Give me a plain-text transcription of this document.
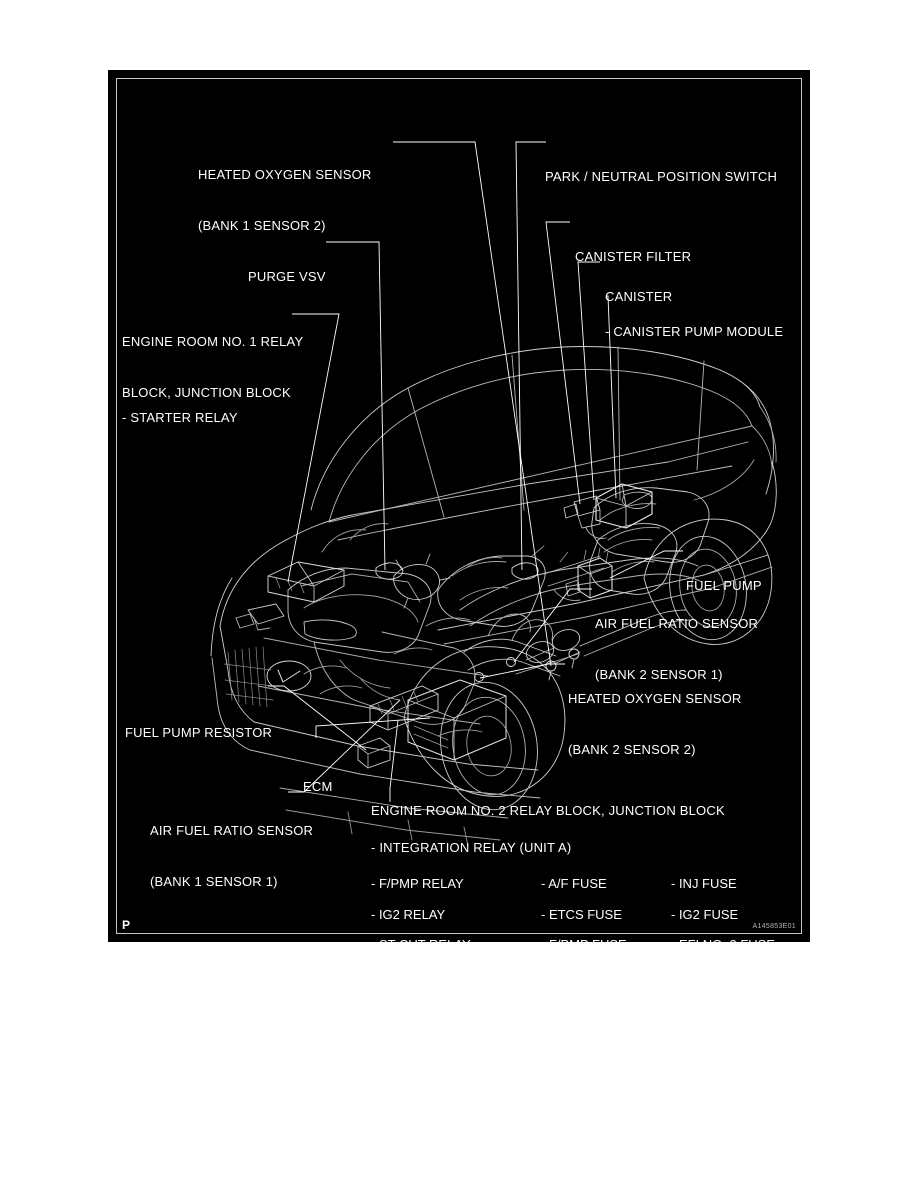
HEATED OXYGEN SENSOR

(BANK 1 SENSOR 2)

PARK / NEUTRAL POSITION SWITCH

CANISTER FILTER

PURGE VSV

CANISTER

- CANISTER PUMP MODULE

ENGINE ROOM NO. 1 RELAY

BLOCK, JUNCTION BLOCK

- STARTER RELAY

FUEL PUMP

AIR FUEL RATIO SENSOR

(BANK 2 SENSOR 1)

HEATED OXYGEN SENSOR

(BANK 2 SENSOR 2)

FUEL PUMP RESISTOR

ECM

AIR FUEL RATIO SENSOR

(BANK 1 SENSOR 1)

ENGINE ROOM NO. 2 RELAY BLOCK, JUNCTION BLOCK
- INTEGRATION RELAY (UNIT A)
- F/PMP RELAY
- IG2 RELAY
- ST CUT RELAY
- A/F RELAY
- A/F FUSE
- ETCS FUSE
- F/PMP FUSE
- F/PMP RELAY
- INJ FUSE
- IG2 FUSE
- EFI NO. 2 FUSE
P	A145853E01
